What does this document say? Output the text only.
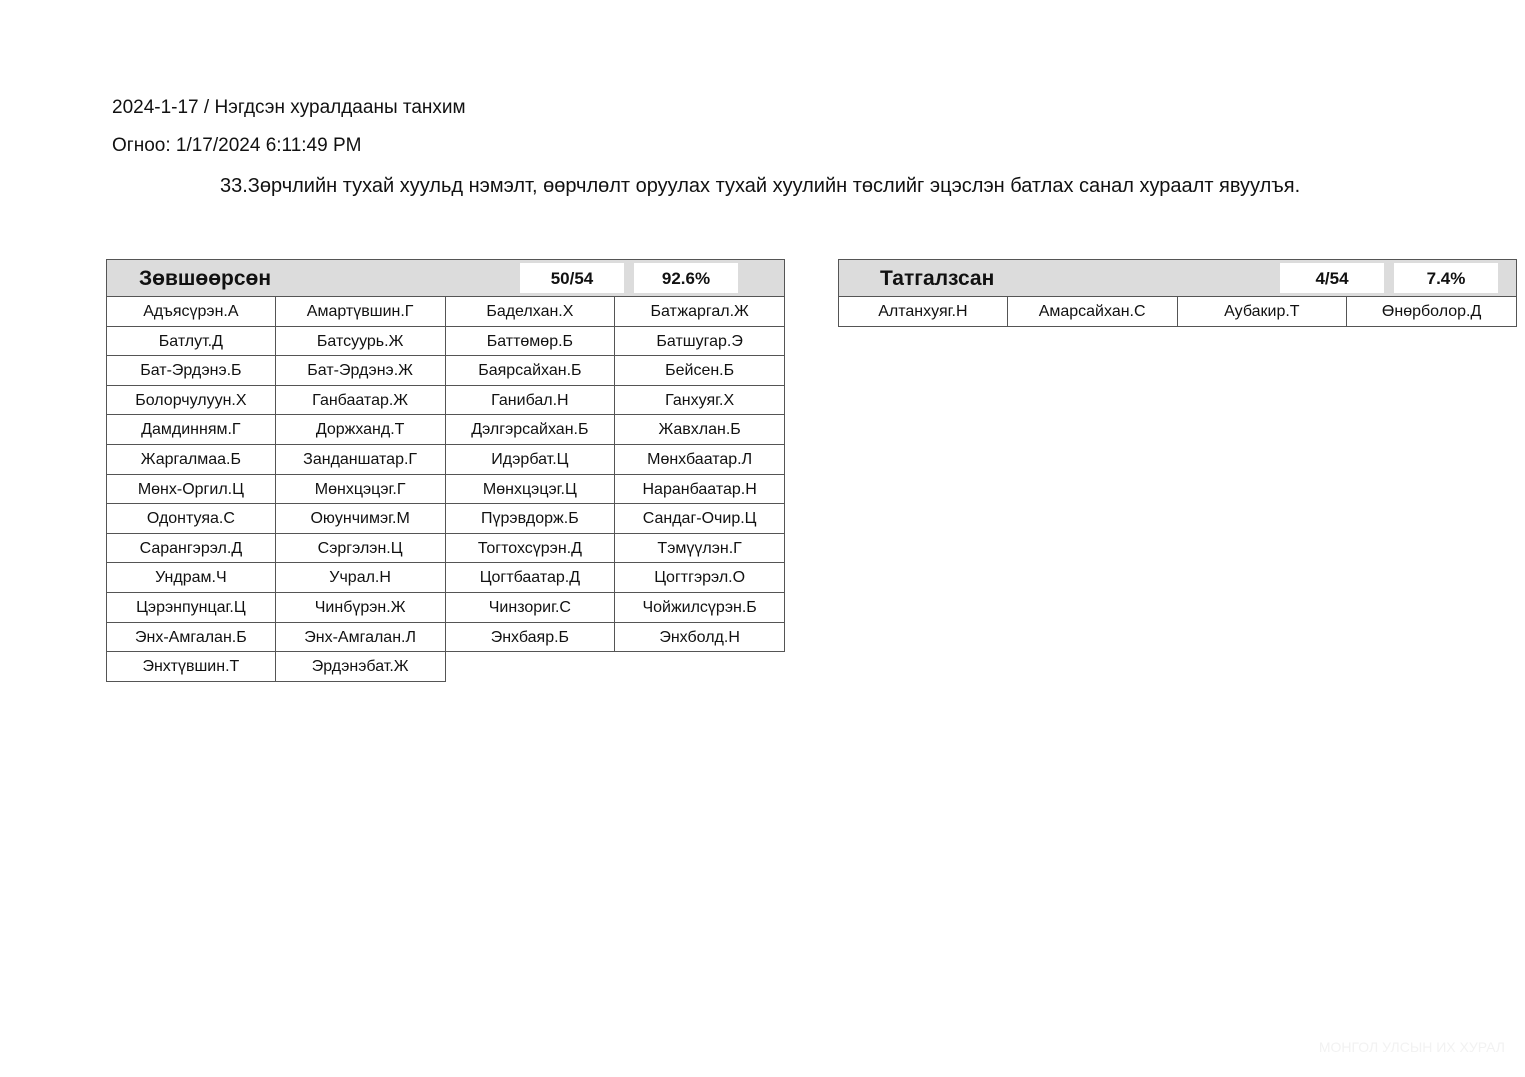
2024-1-17 / Нэгдсэн хуралдааны танхим
Огноо: 1/17/2024 6:11:49 PM
33.Зөрчлийн тухай хуульд нэмэлт, өөрчлөлт оруулах тухай хуулийн төслийг эцэслэн батлах санал хураалт явуулъя.
Зөвшөөрсөн	50/54	92.6%
Адъясүрэн.А	Амартүвшин.Г	Баделхан.Х	Батжаргал.Ж
Батлут.Д	Батсуурь.Ж	Баттөмөр.Б	Батшугар.Э
Бат-Эрдэнэ.Б	Бат-Эрдэнэ.Ж	Баярсайхан.Б	Бейсен.Б
Болорчулуун.Х	Ганбаатар.Ж	Ганибал.Н	Ганхуяг.Х
Дамдинням.Г	Доржханд.Т	Дэлгэрсайхан.Б	Жавхлан.Б
Жаргалмаа.Б	Занданшатар.Г	Идэрбат.Ц	Мөнхбаатар.Л
Мөнх-Оргил.Ц	Мөнхцэцэг.Г	Мөнхцэцэг.Ц	Наранбаатар.Н
Одонтуяа.С	Оюунчимэг.М	Пүрэвдорж.Б	Сандаг-Очир.Ц
Сарангэрэл.Д	Сэргэлэн.Ц	Тогтохсүрэн.Д	Тэмүүлэн.Г
Ундрам.Ч	Учрал.Н	Цогтбаатар.Д	Цогтгэрэл.О
Цэрэнпунцаг.Ц	Чинбүрэн.Ж	Чинзориг.С	Чойжилсүрэн.Б
Энх-Амгалан.Б	Энх-Амгалан.Л	Энхбаяр.Б	Энхболд.Н
Энхтүвшин.Т	Эрдэнэбат.Ж
Татгалзсан	4/54	7.4%
Алтанхуяг.Н	Амарсайхан.С	Аубакир.Т	Өнөрболор.Д
МОНГОЛ УЛСЫН ИХ ХУРАЛ
